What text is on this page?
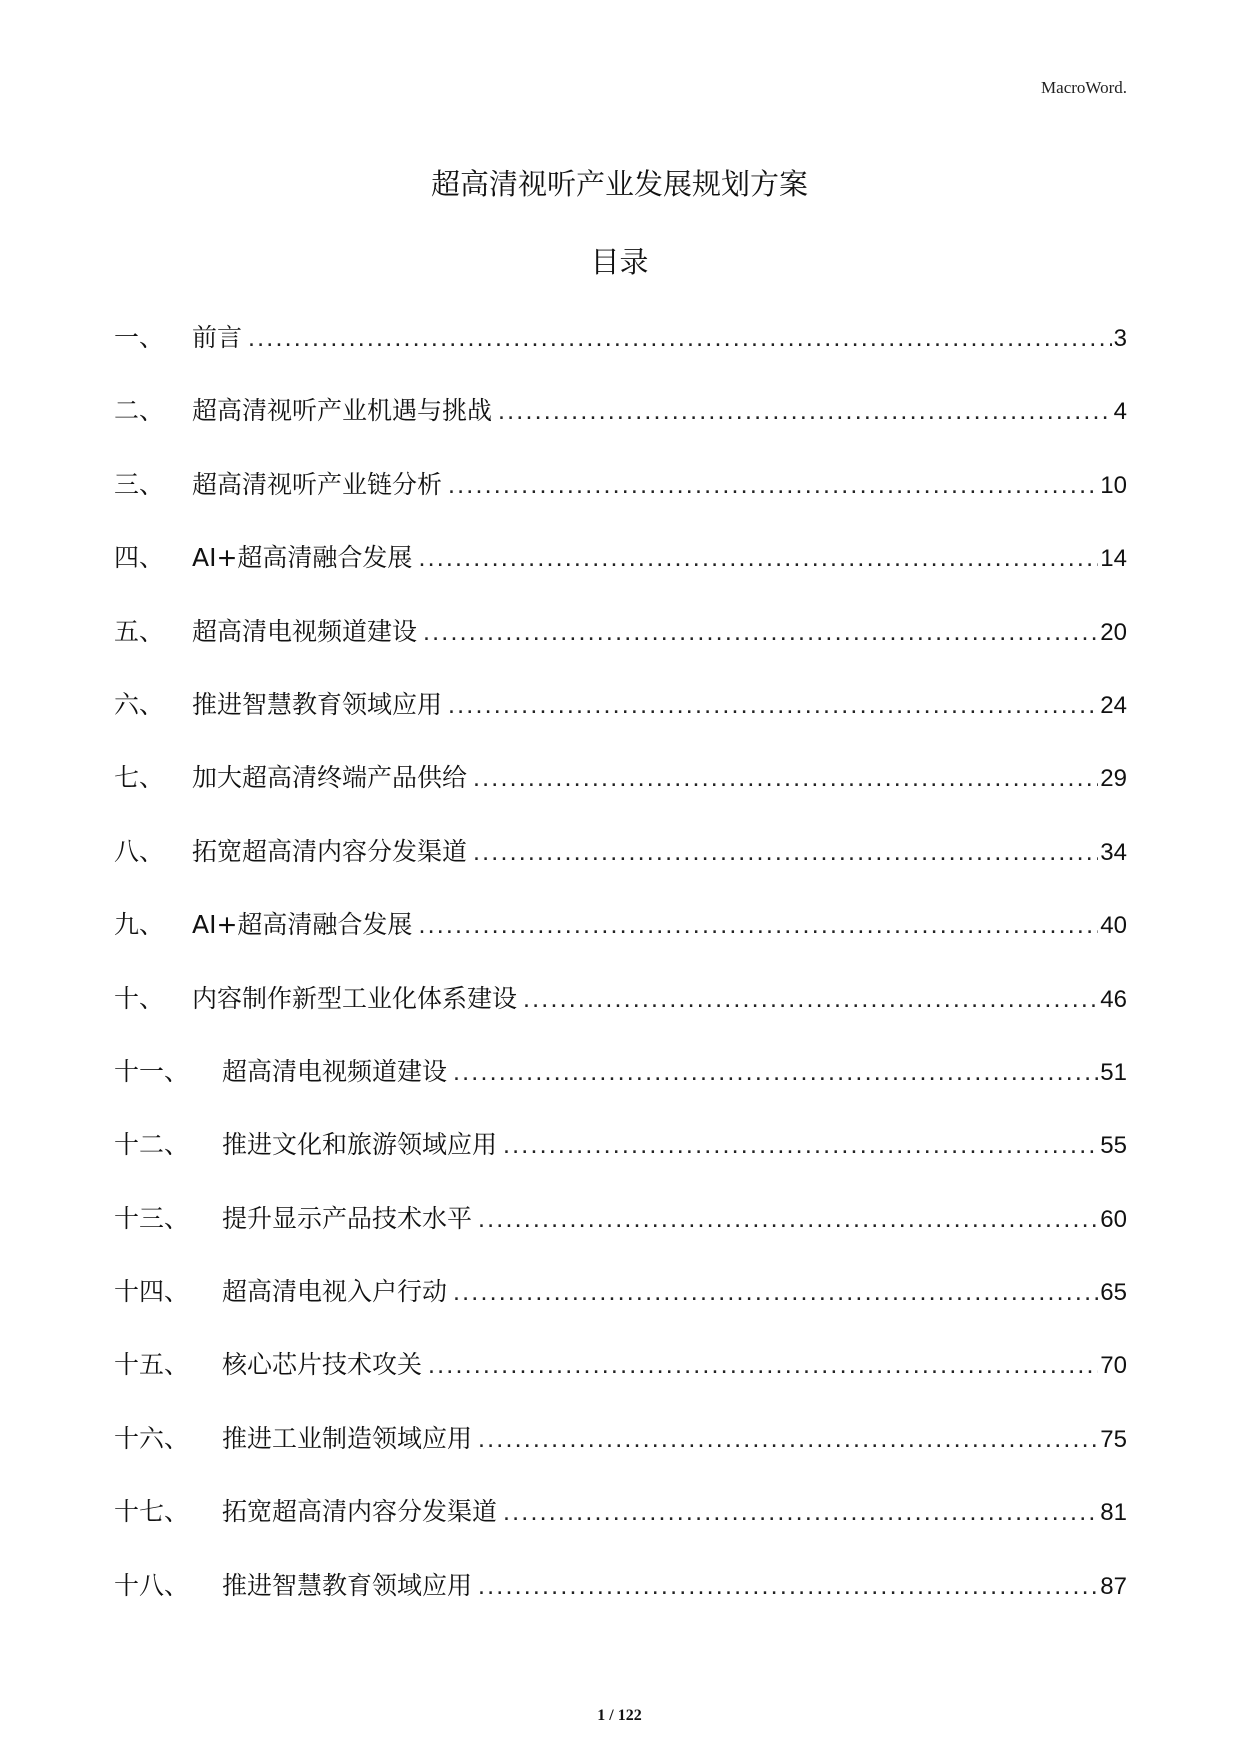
MacroWord.
超高清视听产业发展规划方案
目录
一、	前言 .....	3
二、	超高清视听产业机遇与挑战 .....	4
三、	超高清视听产业链分析 .....	10
四、	AI+超高清融合发展 .....	14
五、	超高清电视频道建设 .....	20
六、	推进智慧教育领域应用 .....	24
七、	加大超高清终端产品供给 .....	29
八、	拓宽超高清内容分发渠道 .....	34
九、	AI+超高清融合发展 .....	40
十、	内容制作新型工业化体系建设 .....	46
十一、	超高清电视频道建设 .....	51
十二、	推进文化和旅游领域应用 .....	55
十三、	提升显示产品技术水平 .....	60
十四、	超高清电视入户行动 .....	65
十五、	核心芯片技术攻关 .....	70
十六、	推进工业制造领域应用 .....	75
十七、	拓宽超高清内容分发渠道 .....	81
十八、	推进智慧教育领域应用 .....	87
1 / 122
